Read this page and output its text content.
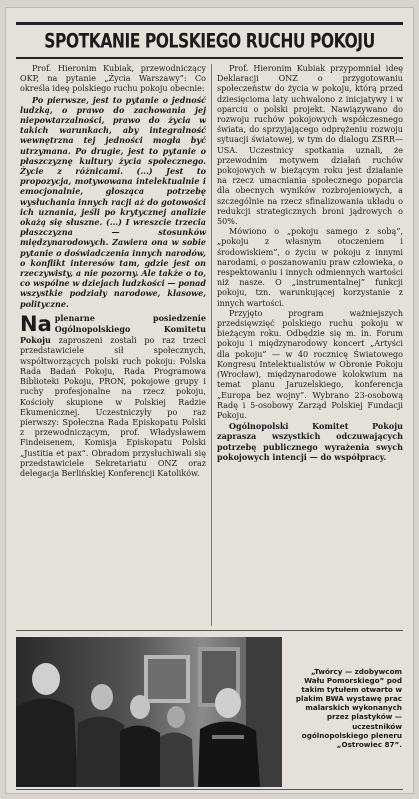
SPOTKANIE POLSKIEGO RUCHU POKOJU

Prof. Hieronim Kubiak, przewodniczący OKP, na pytanie „Życia Warszawy”: Co określa ideę polskiego ruchu pokoju obecnie:

Po pierwsze, jest to pytanie o jedność ludzką, o prawo do zachowania jej niepowtarzalności, prawo do życia w takich warunkach, aby integralność wewnętrzna tej jedności mogła być utrzymana. Po drugie, jest to pytanie o płaszczyznę kultury życia społecznego. Życie z różnicami. (...) Jest to propozycja, motywowana intelektualnie i emocjonalnie, głosząca potrzebę wysłuchania innych racji aż do gotowości ich uznania, jeśli po krytycznej analizie okażą się słuszne. (...) I wreszcie trzecia płaszczyzna — stosunków międzynarodowych. Zawiera ona w sobie pytanie o doświadczenia innych narodów, o konflikt interesów tam, gdzie jest on rzeczywisty, a nie pozorny. Ale także o to, co wspólne w dziejach ludzkości — ponad wszystkie podziały narodowe, klasowe, polityczne.

Na plenarne posiedzenie Ogólnopolskiego Komitetu Pokoju zaproszeni zostali po raz trzeci przedstawiciele sił społecznych, współtworzących polski ruch pokoju: Polska Rada Badań Pokoju, Rada Programowa Biblioteki Pokoju, PRON, pokojowe grupy i ruchy profesjonalne na rzecz pokoju, Kościoły skupione w Polskiej Radzie Ekumenicznej. Uczestniczyły po raz pierwszy: Społeczna Rada Episkopatu Polski z przewodniczącym, prof. Władysławem Findeisenem, Komisja Episkopatu Polski „Justitia et pax”. Obradom przysłuchiwali się przedstawiciele Sekretariatu ONZ oraz delegacja Berlińskiej Konferencji Katolików.

Prof. Hieronim Kubiak przypomniał ideę Deklaracji ONZ o przygotowaniu społeczeństw do życia w pokoju, którą przed dziesięcioma laty uchwalono z inicjatywy i w oparciu o polski projekt. Nawiązywano do rozwoju ruchów pokojowych współczesnego świata, do sprzyjającego odprężeniu rozwoju sytuacji światowej, w tym do dialogu ZSRR—USA. Uczestnicy spotkania uznali, że przewodnim motywem działań ruchów pokojowych w bieżącym roku jest działanie na rzecz umacniania społecznego poparcia dla obecnych wyników rozbrojeniowych, a szczególnie na rzecz sfinalizowania układu o redukcji strategicznych broni jądrowych o 50%.

Mówiono o „pokoju samego z sobą”, „pokoju z własnym otoczeniem i środowiskiem”, o życiu w pokoju z innymi narodami, o poszanowaniu praw człowieka, o respektowaniu i innych odmiennych wartości niż nasze. O „instrumentalnej” funkcji pokoju, tzn. warunkującej korzystanie z innych wartości.

Przyjęto program ważniejszych przedsięwzięć polskiego ruchu pokoju w bieżącym roku. Odbędzie się m. in. Forum pokoju i międzynarodowy koncert „Artyści dla pokoju” — w 40 rocznicę Światowego Kongresu Intelektualistów w Obronie Pokoju (Wrocław), międzynarodowe kolokwium na temat planu Jaruzelskiego, konferencja „Europa bez wojny”. Wybrano 23-osobową Radę i 5-osobowy Zarząd Polskiej Fundacji Pokoju.

Ogólnopolski Komitet Pokoju zaprasza wszystkich odczuwających potrzebę publicznego wyrażenia swych pokojowych intencji — do współpracy.

„Twórcy — zdobywcom Wału Pomorskiego” pod takim tytułem otwarto w plakim BWA wystawę prac malarskich wykonanych przez plastyków — uczestników ogólnopolskiego pleneru „Ostrowiec 87”.
